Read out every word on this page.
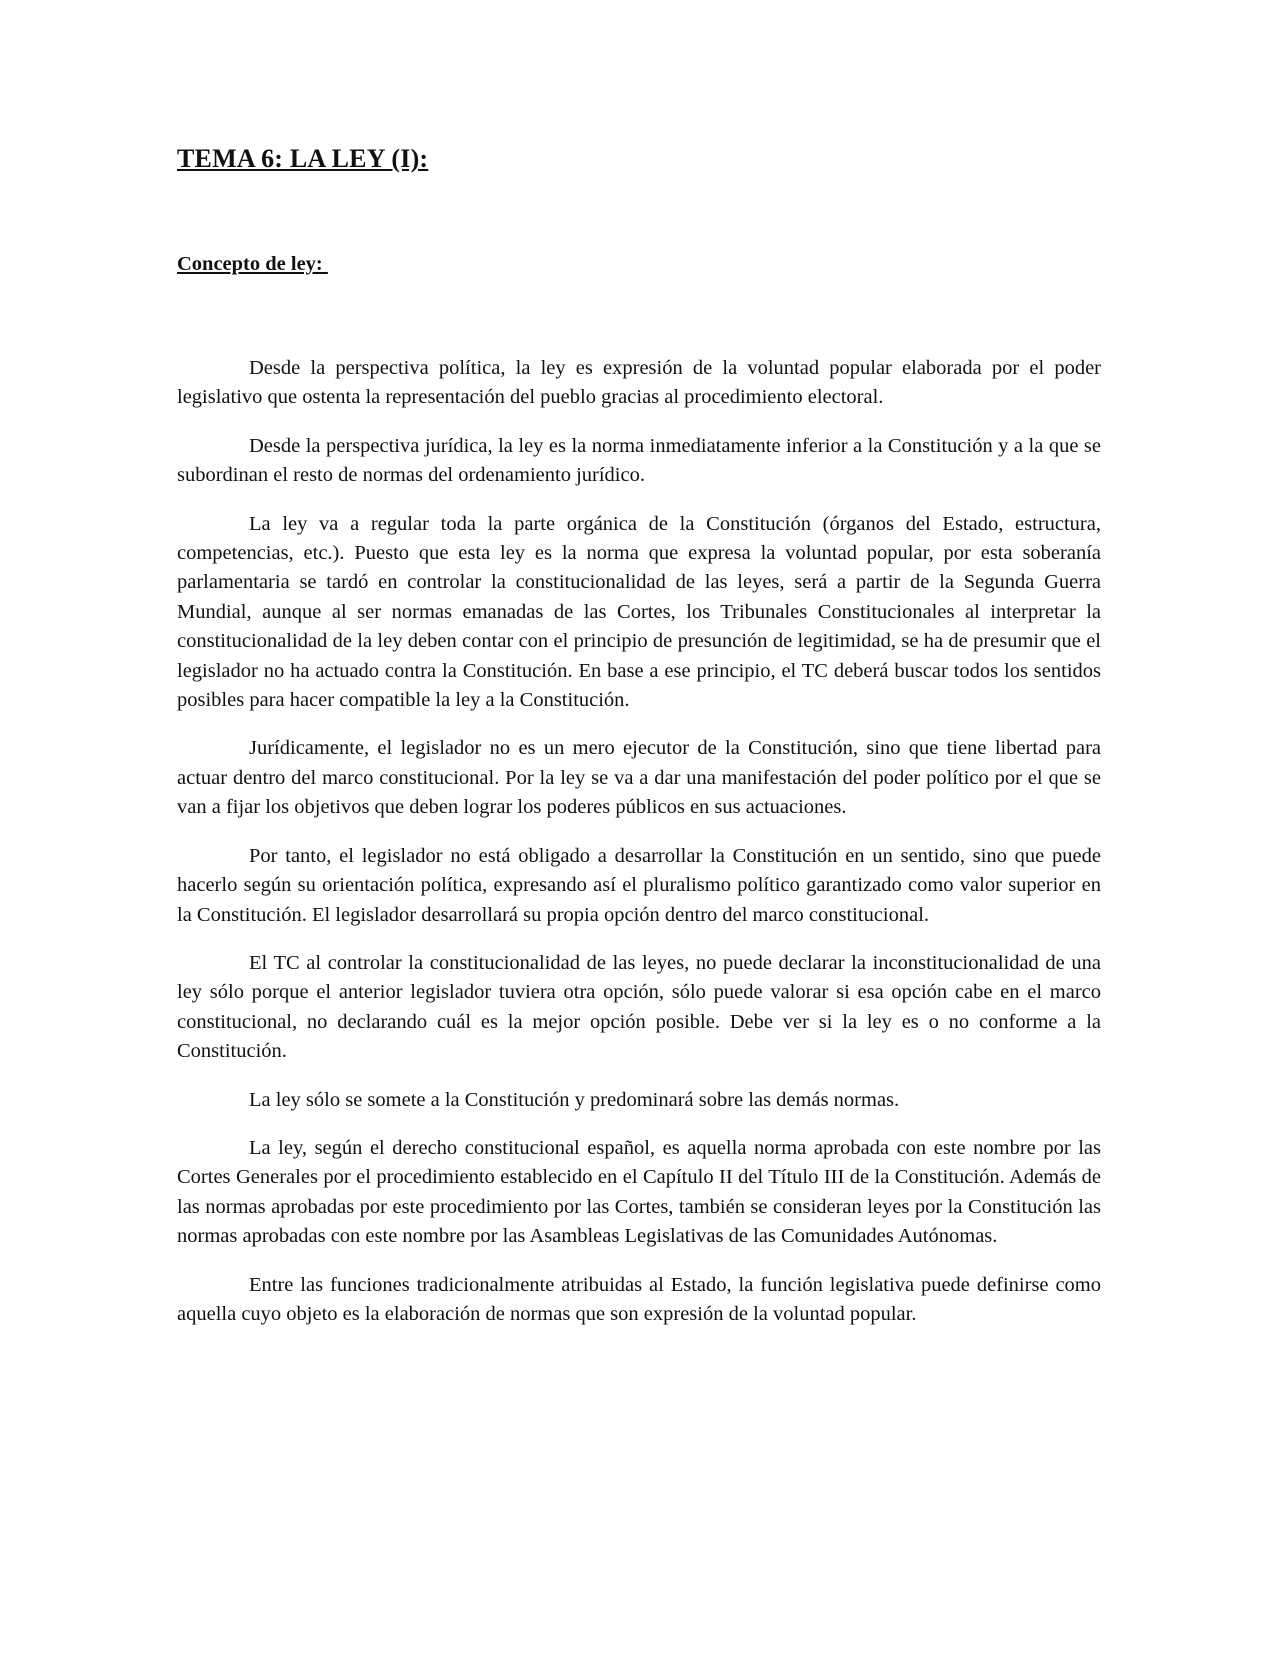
TEMA 6: LA LEY (I):
Concepto de ley:

Desde la perspectiva política, la ley es expresión de la voluntad popular elaborada por el poder legislativo que ostenta la representación del pueblo gracias al procedimiento electoral.

Desde la perspectiva jurídica, la ley es la norma inmediatamente inferior a la Constitución y a la que se subordinan el resto de normas del ordenamiento jurídico.

La ley va a regular toda la parte orgánica de la Constitución (órganos del Estado, estructura, competencias, etc.). Puesto que esta ley es la norma que expresa la voluntad popular, por esta soberanía parlamentaria se tardó en controlar la constitucionalidad de las leyes, será a partir de la Segunda Guerra Mundial, aunque al ser normas emanadas de las Cortes, los Tribunales Constitucionales al interpretar la constitucionalidad de la ley deben contar con el principio de presunción de legitimidad, se ha de presumir que el legislador no ha actuado contra la Constitución. En base a ese principio, el TC deberá buscar todos los sentidos posibles para hacer compatible la ley a la Constitución.

Jurídicamente, el legislador no es un mero ejecutor de la Constitución, sino que tiene libertad para actuar dentro del marco constitucional. Por la ley se va a dar una manifestación del poder político por el que se van a fijar los objetivos que deben lograr los poderes públicos en sus actuaciones.

Por tanto, el legislador no está obligado a desarrollar la Constitución en un sentido, sino que puede hacerlo según su orientación política, expresando así el pluralismo político garantizado como valor superior en la Constitución. El legislador desarrollará su propia opción dentro del marco constitucional.

El TC al controlar la constitucionalidad de las leyes, no puede declarar la inconstitucionalidad de una ley sólo porque el anterior legislador tuviera otra opción, sólo puede valorar si esa opción cabe en el marco constitucional, no declarando cuál es la mejor opción posible. Debe ver si la ley es o no conforme a la Constitución.

La ley sólo se somete a la Constitución y predominará sobre las demás normas.

La ley, según el derecho constitucional español, es aquella norma aprobada con este nombre por las Cortes Generales por el procedimiento establecido en el Capítulo II del Título III de la Constitución. Además de las normas aprobadas por este procedimiento por las Cortes, también se consideran leyes por la Constitución las normas aprobadas con este nombre por las Asambleas Legislativas de las Comunidades Autónomas.

Entre las funciones tradicionalmente atribuidas al Estado, la función legislativa puede definirse como aquella cuyo objeto es la elaboración de normas que son expresión de la voluntad popular.
